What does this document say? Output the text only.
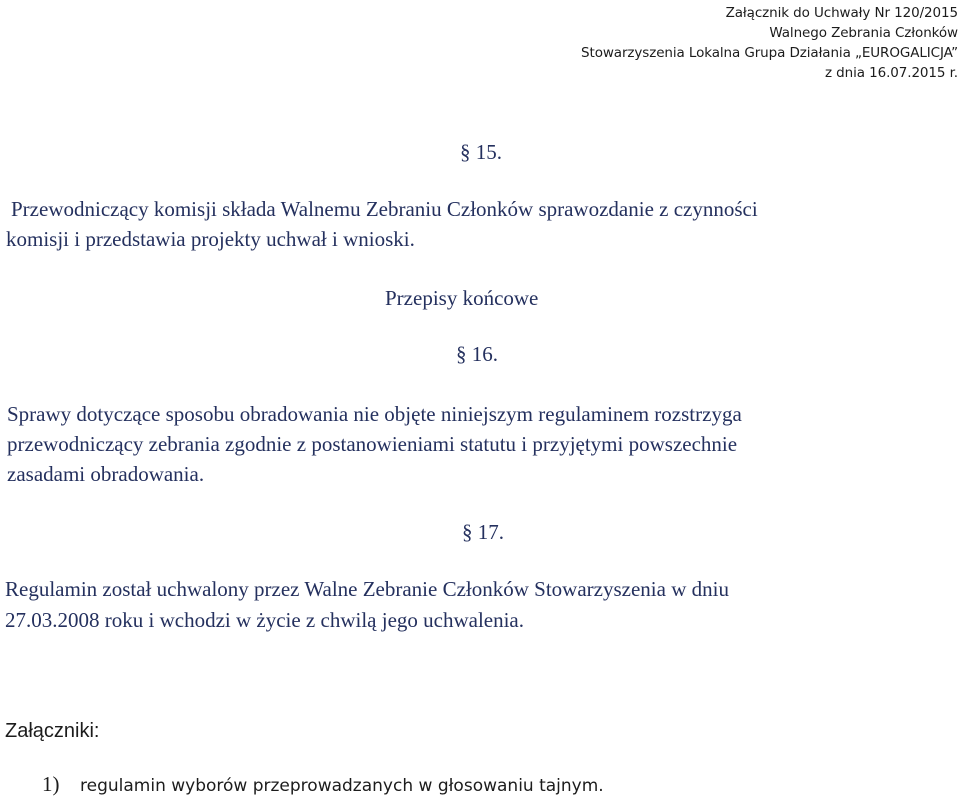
Załącznik do Uchwały Nr 120/2015
Walnego Zebrania Członków
Stowarzyszenia Lokalna Grupa Działania „EUROGALICJA”
z dnia 16.07.2015 r.
§ 15.
Przewodniczący komisji składa Walnemu Zebraniu Członków sprawozdanie z czynności
komisji i przedstawia projekty uchwał i wnioski.
Przepisy końcowe
§ 16.
Sprawy dotyczące sposobu obradowania nie objęte niniejszym regulaminem rozstrzyga
przewodniczący zebrania zgodnie z postanowieniami statutu i przyjętymi powszechnie
zasadami obradowania.
§ 17.
Regulamin został uchwalony przez Walne Zebranie Członków Stowarzyszenia w dniu
27.03.2008 roku i wchodzi w życie z chwilą jego uchwalenia.
Załączniki:
1) regulamin wyborów przeprowadzanych w głosowaniu tajnym.
